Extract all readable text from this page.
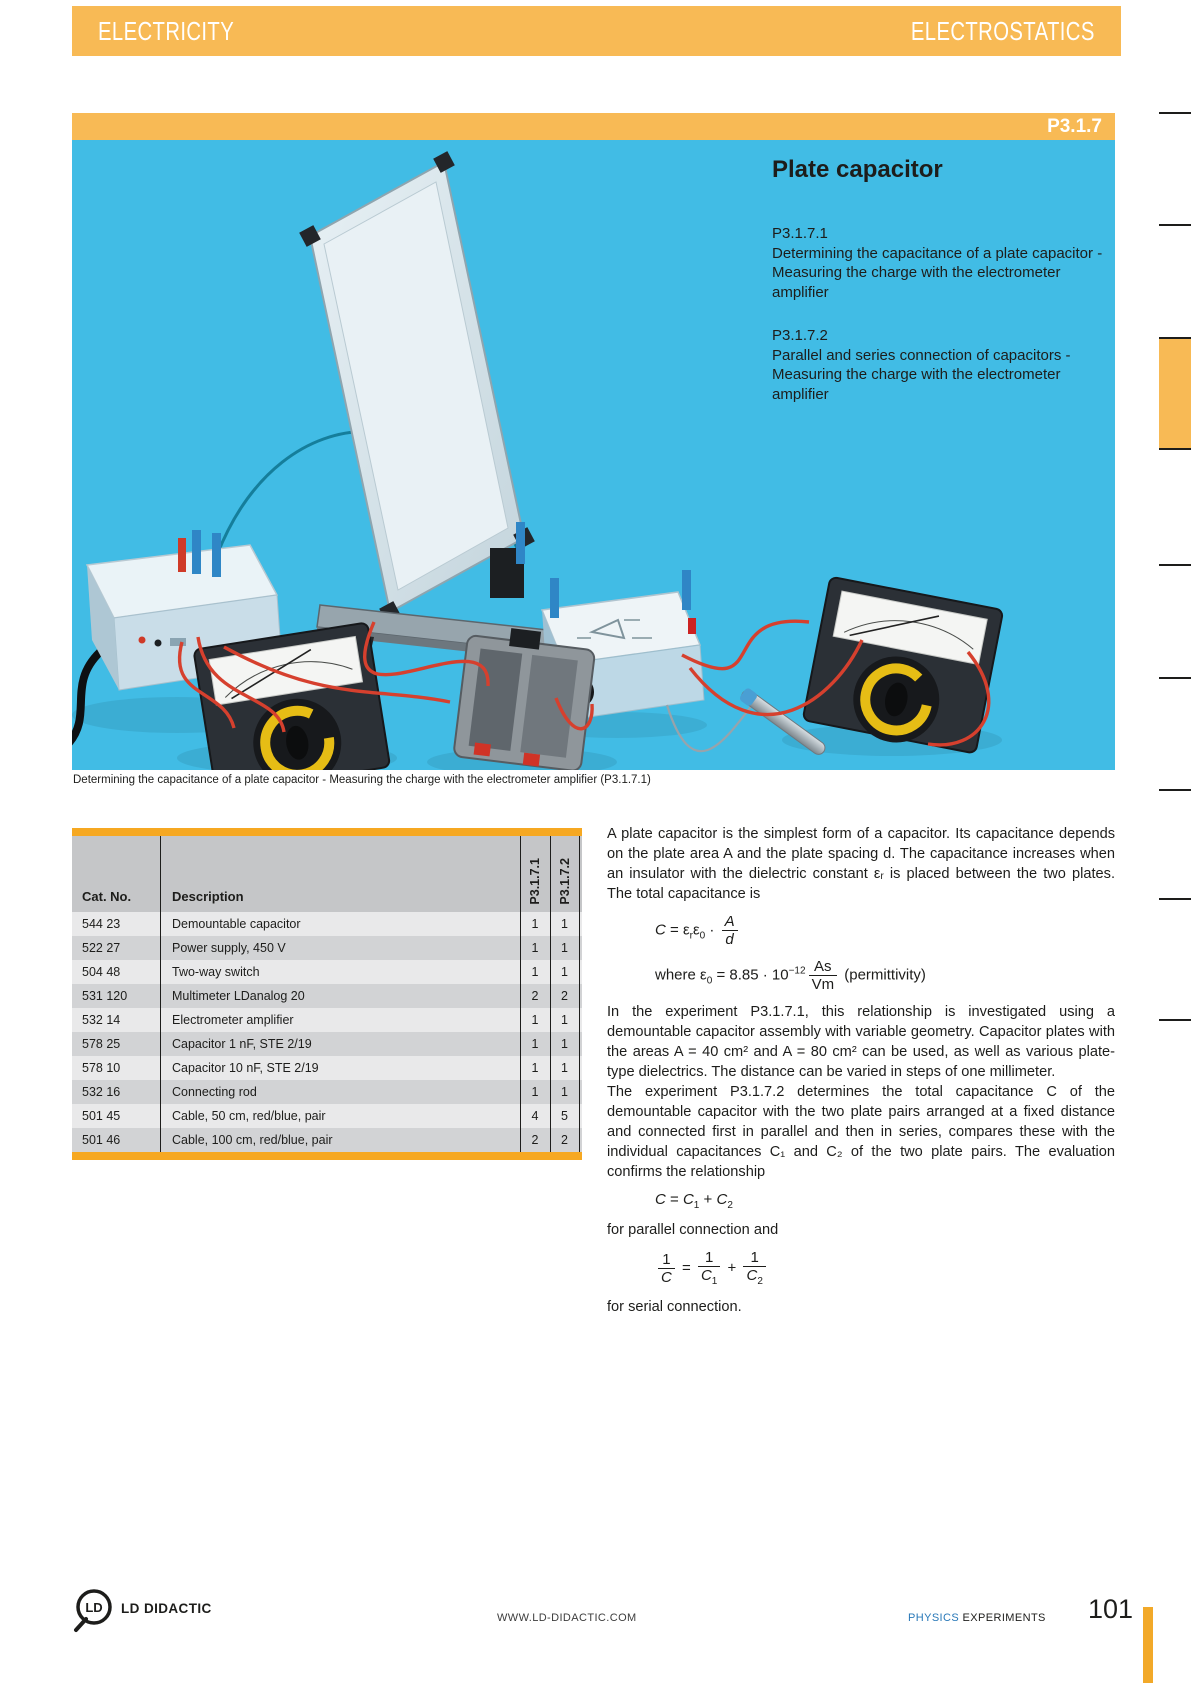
ELECTRICITY	ELECTROSTATICS
P3.1.7
Plate capacitor
P3.1.7.1
Determining the capacitance of a plate capacitor - Measuring the charge with the electrometer amplifier
P3.1.7.2
Parallel and series connection of capacitors - Measuring the charge with the electrometer amplifier
Determining the capacitance of a plate capacitor - Measuring the charge with the electrometer amplifier (P3.1.7.1)
Cat. No.	Description	P3.1.7.1 P3.1.7.2
544 23	Demountable capacitor	1	1
522 27	Power supply, 450 V	1	1
504 48	Two-way switch	1	1
531 120	Multimeter LDanalog 20	2	2
532 14	Electrometer amplifier	1	1
578 25	Capacitor 1 nF, STE 2/19	1	1
578 10	Capacitor 10 nF, STE 2/19	1	1
532 16	Connecting rod	1	1
501 45	Cable, 50 cm, red/blue, pair	4	5
501 46	Cable, 100 cm, red/blue, pair	2	2

A plate capacitor is the simplest form of a capacitor. Its capacitance depends on the plate area A and the plate spacing d. The capacitance increases when an insulator with the dielectric constant εᵣ is placed between the two plates. The total capacitance is

$C = \varepsilon_r\varepsilon_0 \cdot \frac{A}{d}$
where $\varepsilon_0 = 8.85 \cdot 10^{-12} \frac{As}{Vm}$ (permittivity)

In the experiment P3.1.7.1, this relationship is investigated using a demountable capacitor assembly with variable geometry. Capacitor plates with the areas A = 40 cm² and A = 80 cm² can be used, as well as various plate-type dielectrics. The distance can be varied in steps of one millimeter.

The experiment P3.1.7.2 determines the total capacitance C of the demountable capacitor with the two plate pairs arranged at a fixed distance and connected first in parallel and then in series, compares these with the individual capacitances C₁ and C₂ of the two plate pairs. The evaluation confirms the relationship

$C = C_1 + C_2$

for parallel connection and

$\frac{1}{C} = \frac{1}{C_1} + \frac{1}{C_2}$

for serial connection.

LD LD DIDACTIC
WWW.LD-DIDACTIC.COM	PHYSICS EXPERIMENTS 101
